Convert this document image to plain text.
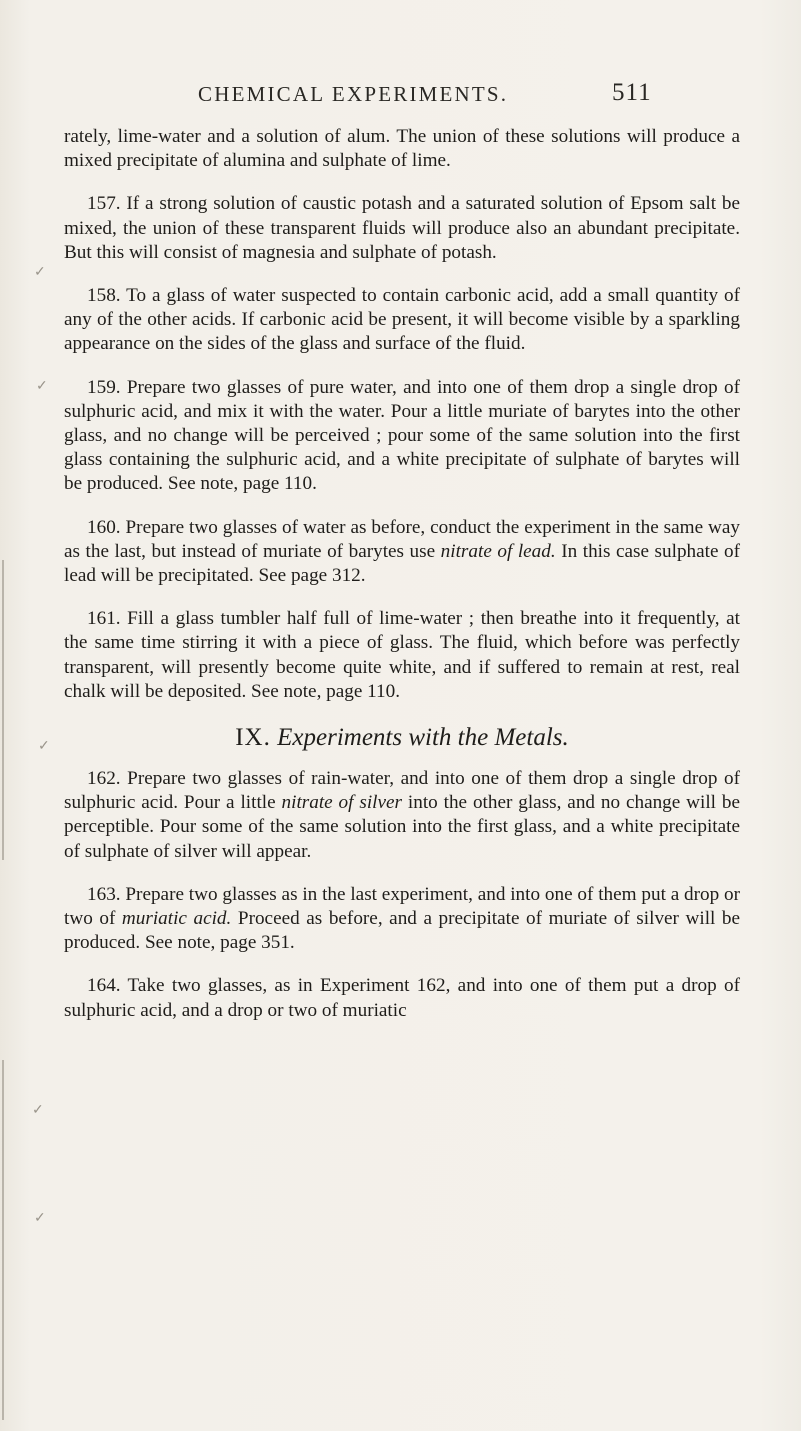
CHEMICAL EXPERIMENTS.	511

rately, lime-water and a solution of alum. The union of these solutions will produce a mixed precipitate of alumina and sulphate of lime.

157. If a strong solution of caustic potash and a saturated solution of Epsom salt be mixed, the union of these transparent fluids will produce also an abundant precipitate. But this will consist of magnesia and sulphate of potash.

158. To a glass of water suspected to contain carbonic acid, add a small quantity of any of the other acids. If carbonic acid be present, it will become visible by a sparkling appearance on the sides of the glass and surface of the fluid.

159. Prepare two glasses of pure water, and into one of them drop a single drop of sulphuric acid, and mix it with the water. Pour a little muriate of barytes into the other glass, and no change will be perceived ; pour some of the same solution into the first glass containing the sulphuric acid, and a white precipitate of sulphate of barytes will be produced. See note, page 110.

160. Prepare two glasses of water as before, conduct the experiment in the same way as the last, but instead of muriate of barytes use nitrate of lead. In this case sulphate of lead will be precipitated. See page 312.

161. Fill a glass tumbler half full of lime-water ; then breathe into it frequently, at the same time stirring it with a piece of glass. The fluid, which before was perfectly transparent, will presently become quite white, and if suffered to remain at rest, real chalk will be deposited. See note, page 110.

IX. Experiments with the Metals.

162. Prepare two glasses of rain-water, and into one of them drop a single drop of sulphuric acid. Pour a little nitrate of silver into the other glass, and no change will be perceptible. Pour some of the same solution into the first glass, and a white precipitate of sulphate of silver will appear.

163. Prepare two glasses as in the last experiment, and into one of them put a drop or two of muriatic acid. Proceed as before, and a precipitate of muriate of silver will be produced. See note, page 351.

164. Take two glasses, as in Experiment 162, and into one of them put a drop of sulphuric acid, and a drop or two of muriatic

✓
✓
✓
✓
✓
